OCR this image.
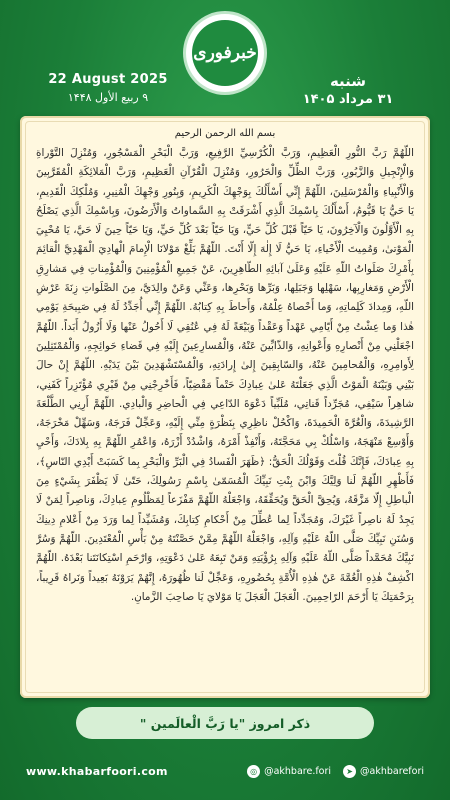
خبرفوری
22 August 2025
۹ ربیع الأول ۱۴۴۸
شنبه
۳۱ مرداد ۱۴۰۵
بسم الله الرحمن الرحيم
اللّهُمَّ رَبَّ النُّورِ الْعَظِيمِ، وَرَبَّ الْكُرْسِيِّ الرَّفِيعِ، وَرَبَّ الْبَحْرِ الْمَسْجُورِ، وَمُنْزِلَ التَّوْراةِ وَالْإِنْجِيلِ وَالزَّبُورِ، وَرَبَّ الظِّلِّ وَالْحَرُورِ، وَمُنْزِلَ الْقُرْآنِ الْعَظِيمِ، وَرَبَّ الْمَلائِكَةِ الْمُقَرَّبِينَ وَالْأَنْبِياءِ وَالْمُرْسَلِينَ، اللّهُمَّ إِنِّي أَسْأَلُكَ بِوَجْهِكَ الْكَرِيمِ، وَبِنُورِ وَجْهِكَ الْمُنِيرِ، وَمُلْكِكَ الْقَدِيمِ، يَا حَيُّ يَا قَيُّومُ، أَسْأَلُكَ بِاسْمِكَ الَّذِي أَشْرَقَتْ بِهِ السَّماواتُ وَالْأَرَضُونَ، وَبِاسْمِكَ الَّذِي يَصْلَحُ بِهِ الْأَوَّلُونَ وَالْآخِرُونَ، يَا حَيّاً قَبْلَ كُلِّ حَيٍّ، وَيَا حَيّاً بَعْدَ كُلِّ حَيٍّ، وَيَا حَيّاً حِينَ لَا حَيَّ، يَا مُحْيِيَ الْمَوْتىٰ، وَمُمِيتَ الْأَحْياءِ، يَا حَيُّ لَا إِلٰهَ إِلّا أَنْتَ. اللّهُمَّ بَلِّغْ مَوْلانَا الْإِمامَ الْهادِيَ الْمَهْدِيَّ الْقائِمَ بِأَمْرِكَ صَلَواتُ اللّهِ عَلَيْهِ وَعَلَىٰ آبائِهِ الطّاهِرِينَ، عَنْ جَمِيعِ الْمُؤْمِنِينَ وَالْمُؤْمِناتِ فِي مَشارِقِ الْأَرْضِ وَمَغارِبِها، سَهْلِها وَجَبَلِها، وَبَرِّها وَبَحْرِها، وَعَنِّي وَعَنْ والِدَيَّ، مِنَ الصَّلَواتِ زِنَةَ عَرْشِ اللّهِ، وَمِدادَ كَلِماتِهِ، وَما أَحْصاهُ عِلْمُهُ، وَأَحاطَ بِهِ كِتابُهُ. اللّهُمَّ إِنِّي أُجَدِّدُ لَهُ فِي صَبِيحَةِ يَوْمِي هٰذا وَما عِشْتُ مِنْ أَيّامِي عَهْداً وَعَقْداً وَبَيْعَةً لَهُ فِي عُنُقِي لَا أَحُولُ عَنْها وَلَا أَزُولُ أَبَداً. اللّهُمَّ اجْعَلْنِي مِنْ أَنْصارِهِ وَأَعْوانِهِ، وَالذّابِّينَ عَنْهُ، وَالْمُسارِعِينَ إِلَيْهِ فِي قَضاءِ حَوائِجِهِ، وَالْمُمْتَثِلِينَ لِأَوامِرِهِ، وَالْمُحامِينَ عَنْهُ، وَالسّابِقِينَ إِلىٰ إِرادَتِهِ، وَالْمُسْتَشْهَدِينَ بَيْنَ يَدَيْهِ. اللّهُمَّ إِنْ حالَ بَيْنِي وَبَيْنَهُ الْمَوْتُ الَّذِي جَعَلْتَهُ عَلىٰ عِبادِكَ حَتْماً مَقْضِيّاً، فَأَخْرِجْنِي مِنْ قَبْرِي مُؤْتَزِراً كَفَنِي، شاهِراً سَيْفِي، مُجَرِّداً قَناتِي، مُلَبِّياً دَعْوَةَ الدّاعِي فِي الْحاضِرِ وَالْبادِي. اللّهُمَّ أَرِنِي الطَّلْعَةَ الرَّشِيدَةَ، وَالْغُرَّةَ الْحَمِيدَةَ، وَاكْحُلْ ناظِرِي بِنَظْرَةٍ مِنِّي إِلَيْهِ، وَعَجِّلْ فَرَجَهُ، وَسَهِّلْ مَخْرَجَهُ، وَأَوْسِعْ مَنْهَجَهُ، وَاسْلُكْ بِي مَحَجَّتَهُ، وَأَنْفِذْ أَمْرَهُ، وَاشْدُدْ أَزْرَهُ، وَاعْمُرِ اللّهُمَّ بِهِ بِلادَكَ، وَأَحْيِ بِهِ عِبادَكَ، فَإِنَّكَ قُلْتَ وَقَوْلُكَ الْحَقُّ: ﴿ظَهَرَ الْفَسادُ فِي الْبَرِّ وَالْبَحْرِ بِما كَسَبَتْ أَيْدِي النّاسِ﴾، فَأَظْهِرِ اللّهُمَّ لَنا وَلِيَّكَ وَابْنَ بِنْتِ نَبِيِّكَ الْمُسَمّىٰ بِاسْمِ رَسُولِكَ، حَتّىٰ لَا يَظْفَرَ بِشَيْءٍ مِنَ الْباطِلِ إِلّا مَزَّقَهُ، وَيُحِقَّ الْحَقَّ وَيُحَقِّقَهُ، وَاجْعَلْهُ اللّهُمَّ مَفْزَعاً لِمَظْلُومِ عِبادِكَ، وَناصِراً لِمَنْ لَا يَجِدُ لَهُ ناصِراً غَيْرَكَ، وَمُجَدِّداً لِما عُطِّلَ مِنْ أَحْكامِ كِتابِكَ، وَمُشَيِّداً لِما وَرَدَ مِنْ أَعْلامِ دِينِكَ وَسُنَنِ نَبِيِّكَ صَلَّى اللّهُ عَلَيْهِ وَآلِهِ، وَاجْعَلْهُ اللّهُمَّ مِمَّنْ حَصَّنْتَهُ مِنْ بَأْسِ الْمُعْتَدِينَ. اللّهُمَّ وَسُرَّ نَبِيَّكَ مُحَمَّداً صَلَّى اللّهُ عَلَيْهِ وَآلِهِ بِرُؤْيَتِهِ وَمَنْ تَبِعَهُ عَلىٰ دَعْوَتِهِ، وَارْحَمِ اسْتِكانَتَنا بَعْدَهُ. اللّهُمَّ اكْشِفْ هٰذِهِ الْغُمَّةَ عَنْ هٰذِهِ الْأُمَّةِ بِحُضُورِهِ، وَعَجِّلْ لَنا ظُهُورَهُ، إِنَّهُمْ يَرَوْنَهُ بَعِيداً وَنَراهُ قَرِيباً، بِرَحْمَتِكَ يَا أَرْحَمَ الرّاحِمِينَ. الْعَجَلَ الْعَجَلَ يَا مَوْلايَ يَا صاحِبَ الزَّمانِ.
ذکر امروز "یا رَبَّ الْعالَمین "
www.khabarfoori.com	◎ @akhbare.fori	➤ @akhbarefori
